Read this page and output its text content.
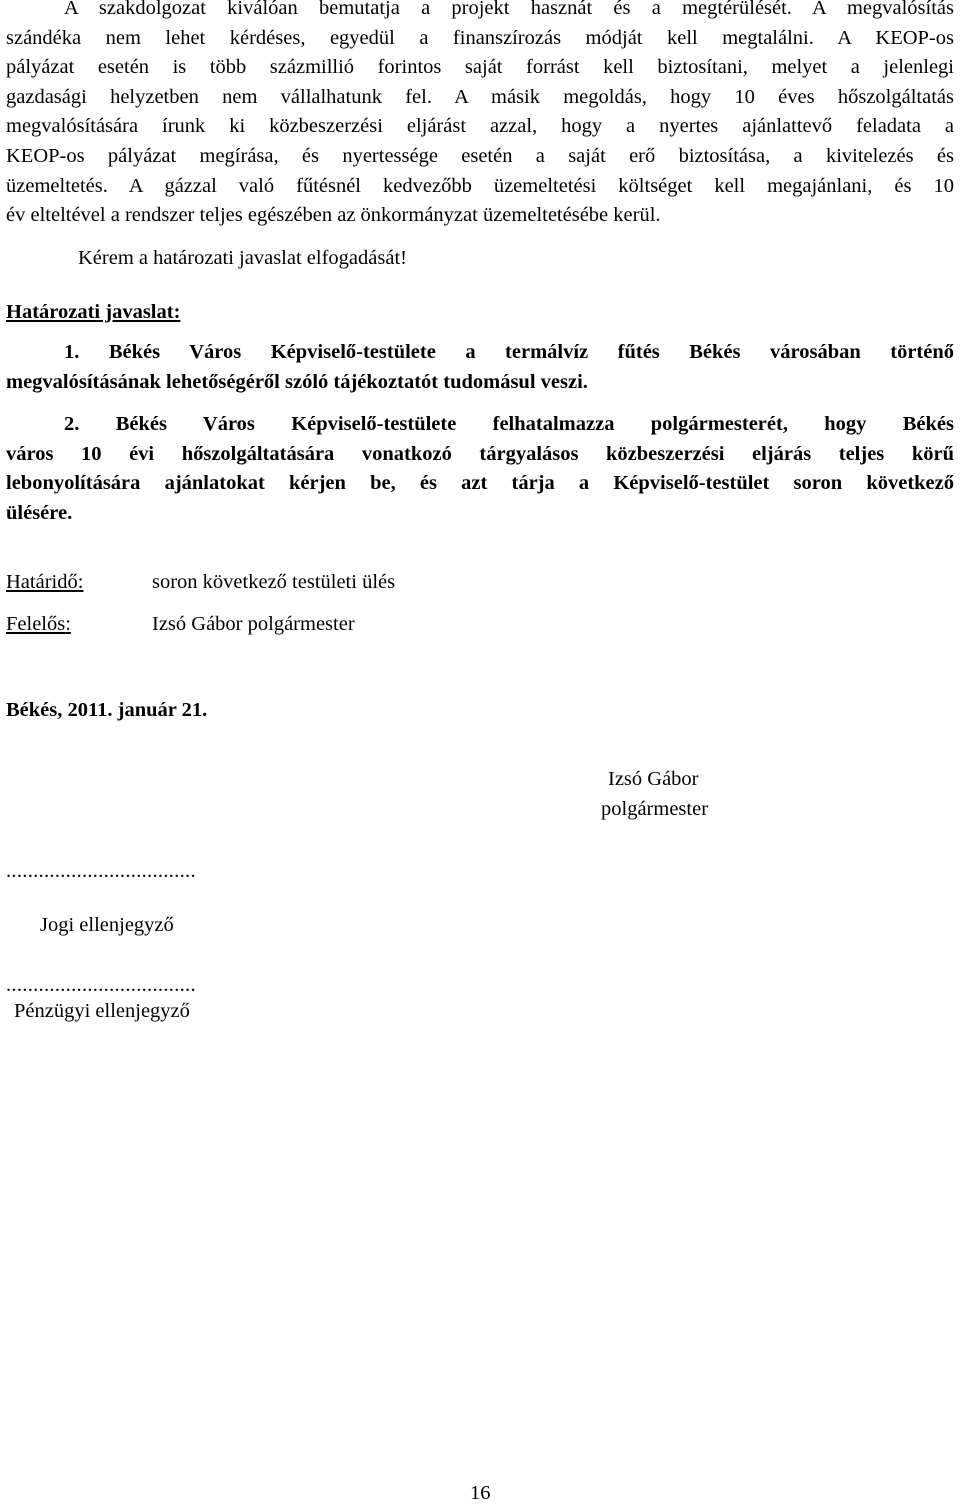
A szakdolgozat kiválóan bemutatja a projekt hasznát és a megtérülését. A megvalósítás
szándéka nem lehet kérdéses, egyedül a finanszírozás módját kell megtalálni. A KEOP-os
pályázat esetén is több százmillió forintos saját forrást kell biztosítani, melyet a jelenlegi
gazdasági helyzetben nem vállalhatunk fel. A másik megoldás, hogy 10 éves hőszolgáltatás
megvalósítására írunk ki közbeszerzési eljárást azzal, hogy a nyertes ajánlattevő feladata a
KEOP-os pályázat megírása, és nyertessége esetén a saját erő biztosítása, a kivitelezés és
üzemeltetés. A gázzal való fűtésnél kedvezőbb üzemeltetési költséget kell megajánlani, és 10
év elteltével a rendszer teljes egészében az önkormányzat üzemeltetésébe kerül.
Kérem a határozati javaslat elfogadását!
Határozati javaslat:
1. Békés Város Képviselő-testülete a termálvíz fűtés Békés városában történő
megvalósításának lehetőségéről szóló tájékoztatót tudomásul veszi.
2. Békés Város Képviselő-testülete felhatalmazza polgármesterét, hogy Békés
város 10 évi hőszolgáltatására vonatkozó tárgyalásos közbeszerzési eljárás teljes körű
lebonyolítására ajánlatokat kérjen be, és azt tárja a Képviselő-testület soron következő
ülésére.
Határidő:	soron következő testületi ülés
Felelős:	Izsó Gábor polgármester
Békés, 2011. január 21.
Izsó Gábor
polgármester
...................................
Jogi ellenjegyző
...................................
Pénzügyi ellenjegyző
16
